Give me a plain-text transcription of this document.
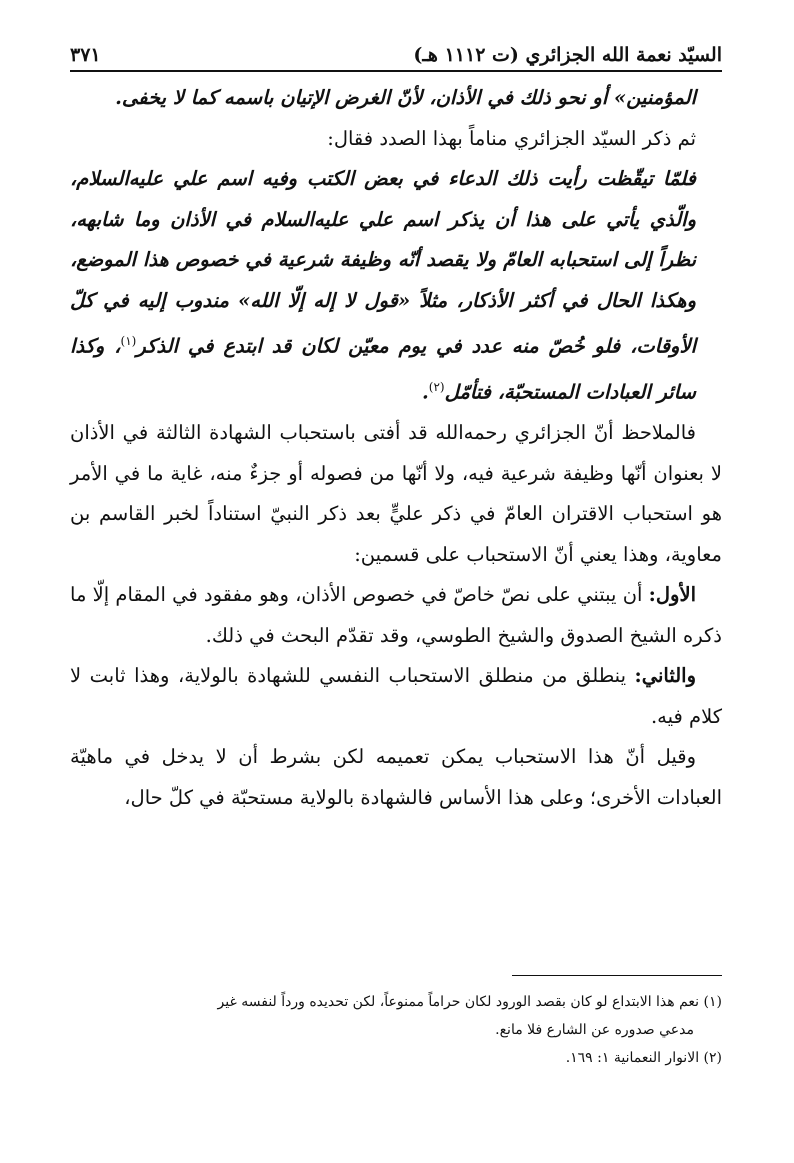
السيّد نعمة الله الجزائري (ت ١١١٢ هـ)
٣٧١

المؤمنين» أو نحو ذلك في الأذان، لأنّ الغرض الإتيان باسمه كما لا يخفى.

ثم ذكر السيّد الجزائري مناماً بهذا الصدد فقال:

فلمّا تيقّظت رأيت ذلك الدعاء في بعض الكتب وفيه اسم علي عليه‌السلام، والّذي يأتي على هذا أن يذكر اسم علي عليه‌السلام في الأذان وما شابهه، نظراً إلى استحبابه العامّ ولا يقصد أنّه وظيفة شرعية في خصوص هذا الموضع، وهكذا الحال في أكثر الأذكار، مثلاً «قول لا إله إلّا الله» مندوب إليه في كلّ الأوقات، فلو خُصّ منه عدد في يوم معيّن لكان قد ابتدع في الذكر$^{(١)}$، وكذا سائر العبادات المستحبّة، فتأمّل$^{(٢)}$.

فالملاحظ أنّ الجزائري رحمه‌الله قد أفتى باستحباب الشهادة الثالثة في الأذان لا بعنوان أنّها وظيفة شرعية فيه، ولا أنّها من فصوله أو جزءٌ منه، غاية ما في الأمر هو استحباب الاقتران العامّ في ذكر عليٍّ بعد ذكر النبيّ استناداً لخبر القاسم بن معاوية، وهذا يعني أنّ الاستحباب على قسمين:

الأول: أن يبتني على نصّ خاصّ في خصوص الأذان، وهو مفقود في المقام إلّا ما ذكره الشيخ الصدوق والشيخ الطوسي، وقد تقدّم البحث في ذلك.

والثاني: ينطلق من منطلق الاستحباب النفسي للشهادة بالولاية، وهذا ثابت لا كلام فيه.

وقيل أنّ هذا الاستحباب يمكن تعميمه لكن بشرط أن لا يدخل في ماهيّة العبادات الأخرى؛ وعلى هذا الأساس فالشهادة بالولاية مستحبّة في كلّ حال،

(١) نعم هذا الابتداع لو كان بقصد الورود لكان حراماً ممنوعاً، لكن تحديده ورداً لنفسه غير

مدعي صدوره عن الشارع فلا مانع.

(٢) الانوار النعمانية ١: ١٦٩.
